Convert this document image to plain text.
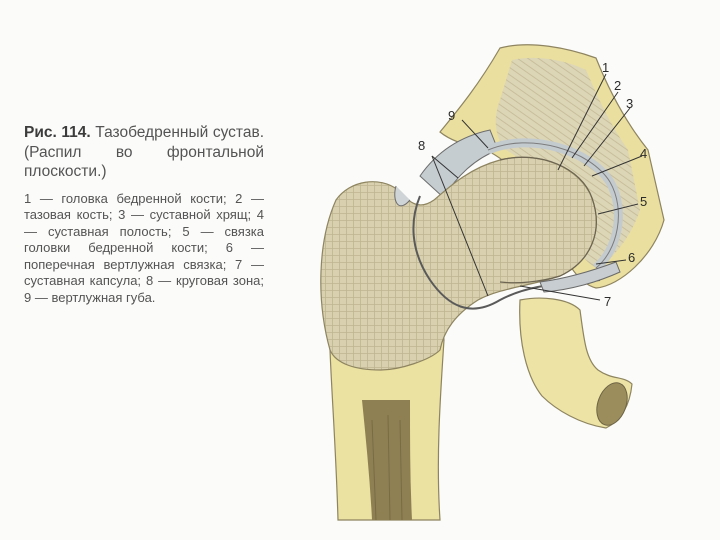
Рис. 114. Тазобедренный сустав. (Распил во фронтальной плоскости.)
1 — головка бедренной кости; 2 — тазовая кость; 3 — суставной хрящ; 4 — суставная полость; 5 — связка головки бедренной кости; 6 — поперечная вертлужная связка; 7 — суставная капсула; 8 — круговая зона; 9 — вертлужная губа.
1
2
3
4
5
6
7
8
9
